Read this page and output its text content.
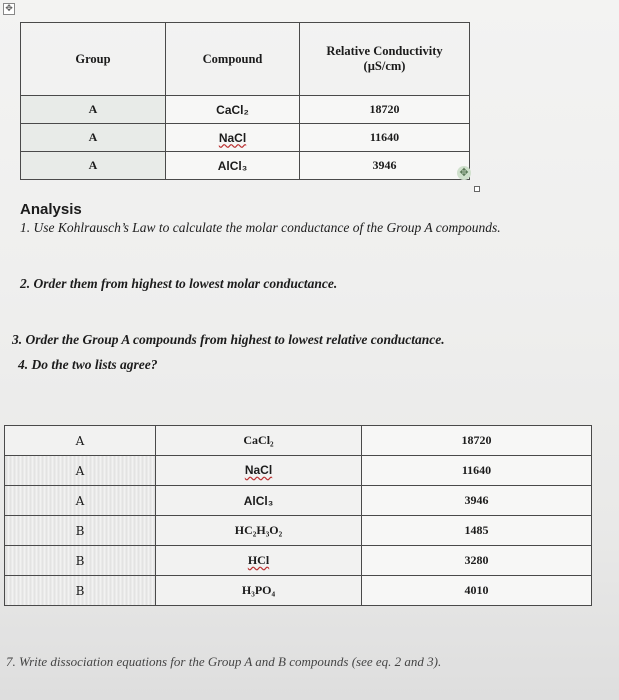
✥
Group	Compound	Relative Conductivity
(µS/cm)
A	CaCl₂	18720
A	NaCl	11640
A	AlCl₃	3946
✥
Analysis
1. Use Kohlrausch’s Law to calculate the molar conductance of the Group A compounds.
2. Order them from highest to lowest molar conductance.
3. Order the Group A compounds from highest to lowest relative conductance.
4. Do the two lists agree?
A	CaCl₂	18720
A	NaCl	11640
A	AlCl₃	3946
B	HC₂H₃O₂	1485
B	HCl	3280
B	H₃PO₄	4010
7. Write dissociation equations for the Group A and B compounds (see eq. 2 and 3).
